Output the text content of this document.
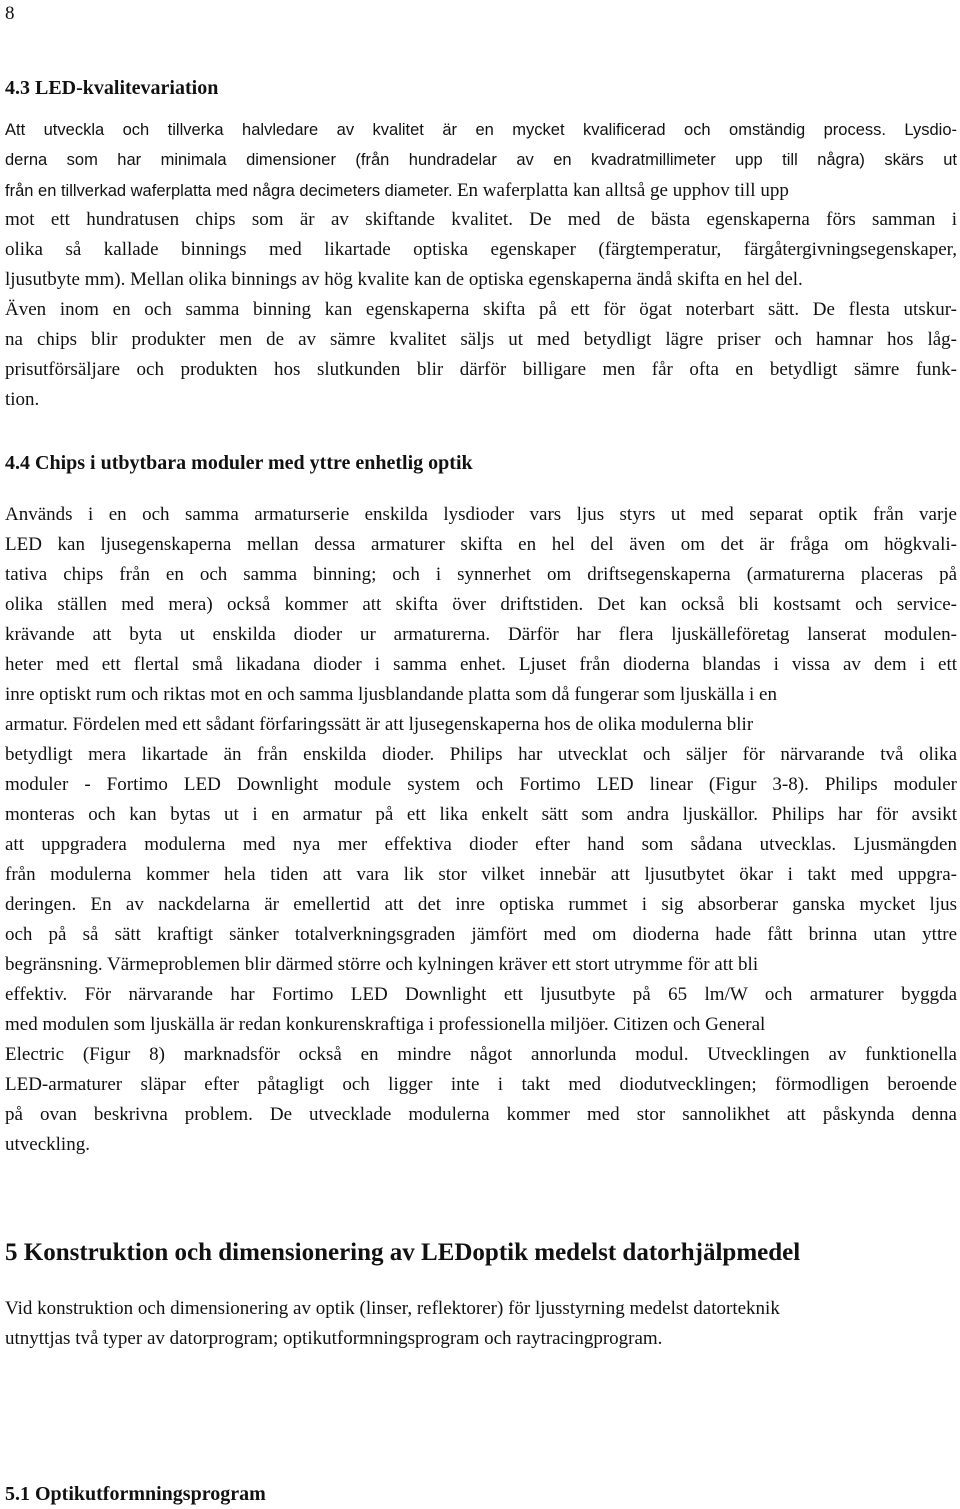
8
4.3 LED-kvalitevariation
Att utveckla och tillverka halvledare av kvalitet är en mycket kvalificerad och omständig process. Lysdio-
derna som har minimala dimensioner (från hundradelar av en kvadratmillimeter upp till några) skärs ut
från en tillverkad waferplatta med några decimeters diameter. En waferplatta kan alltså ge upphov till upp
mot ett hundratusen chips som är av skiftande kvalitet. De med de bästa egenskaperna förs samman i
olika så kallade binnings med likartade optiska egenskaper (färgtemperatur, färgåtergivningsegenskaper,
ljusutbyte mm). Mellan olika binnings av hög kvalite kan de optiska egenskaperna ändå skifta en hel del.
Även inom en och samma binning kan egenskaperna skifta på ett för ögat noterbart sätt. De flesta utskur-
na chips blir produkter men de av sämre kvalitet säljs ut med betydligt lägre priser och hamnar hos låg-
prisutförsäljare och produkten hos slutkunden blir därför billigare men får ofta en betydligt sämre funk-
tion.
4.4 Chips i utbytbara moduler med yttre enhetlig optik
Används i en och samma armaturserie enskilda lysdioder vars ljus styrs ut med separat optik från varje
LED kan ljusegenskaperna mellan dessa armaturer skifta en hel del även om det är fråga om högkvali-
tativa chips från en och samma binning; och i synnerhet om driftsegenskaperna (armaturerna placeras på
olika ställen med mera) också kommer att skifta över driftstiden. Det kan också bli kostsamt och service-
krävande att byta ut enskilda dioder ur armaturerna. Därför har flera ljuskälleföretag lanserat modulen-
heter med ett flertal små likadana dioder i samma enhet. Ljuset från dioderna blandas i vissa av dem i ett
inre optiskt rum och riktas mot en och samma ljusblandande platta som då fungerar som ljuskälla i en
armatur. Fördelen med ett sådant förfaringssätt är att ljusegenskaperna hos de olika modulerna blir
betydligt mera likartade än från enskilda dioder. Philips har utvecklat och säljer för närvarande två olika
moduler - Fortimo LED Downlight module system och Fortimo LED linear (Figur 3-8). Philips moduler
monteras och kan bytas ut i en armatur på ett lika enkelt sätt som andra ljuskällor. Philips har för avsikt
att uppgradera modulerna med nya mer effektiva dioder efter hand som sådana utvecklas. Ljusmängden
från modulerna kommer hela tiden att vara lik stor vilket innebär att ljusutbytet ökar i takt med uppgra-
deringen. En av nackdelarna är emellertid att det inre optiska rummet i sig absorberar ganska mycket ljus
och på så sätt kraftigt sänker totalverkningsgraden jämfört med om dioderna hade fått brinna utan yttre
begränsning. Värmeproblemen blir därmed större och kylningen kräver ett stort utrymme för att bli
effektiv. För närvarande har Fortimo LED Downlight ett ljusutbyte på 65 lm/W och armaturer byggda
med modulen som ljuskälla är redan konkurenskraftiga i professionella miljöer. Citizen och General
Electric (Figur 8) marknadsför också en mindre något annorlunda modul. Utvecklingen av funktionella
LED-armaturer släpar efter påtagligt och ligger inte i takt med diodutvecklingen; förmodligen beroende
på ovan beskrivna problem. De utvecklade modulerna kommer med stor sannolikhet att påskynda denna
utveckling.
5 Konstruktion och dimensionering av LEDoptik medelst datorhjälpmedel
Vid konstruktion och dimensionering av optik (linser, reflektorer) för ljusstyrning medelst datorteknik
utnyttjas två typer av datorprogram; optikutformningsprogram och raytracingprogram.
5.1 Optikutformningsprogram
